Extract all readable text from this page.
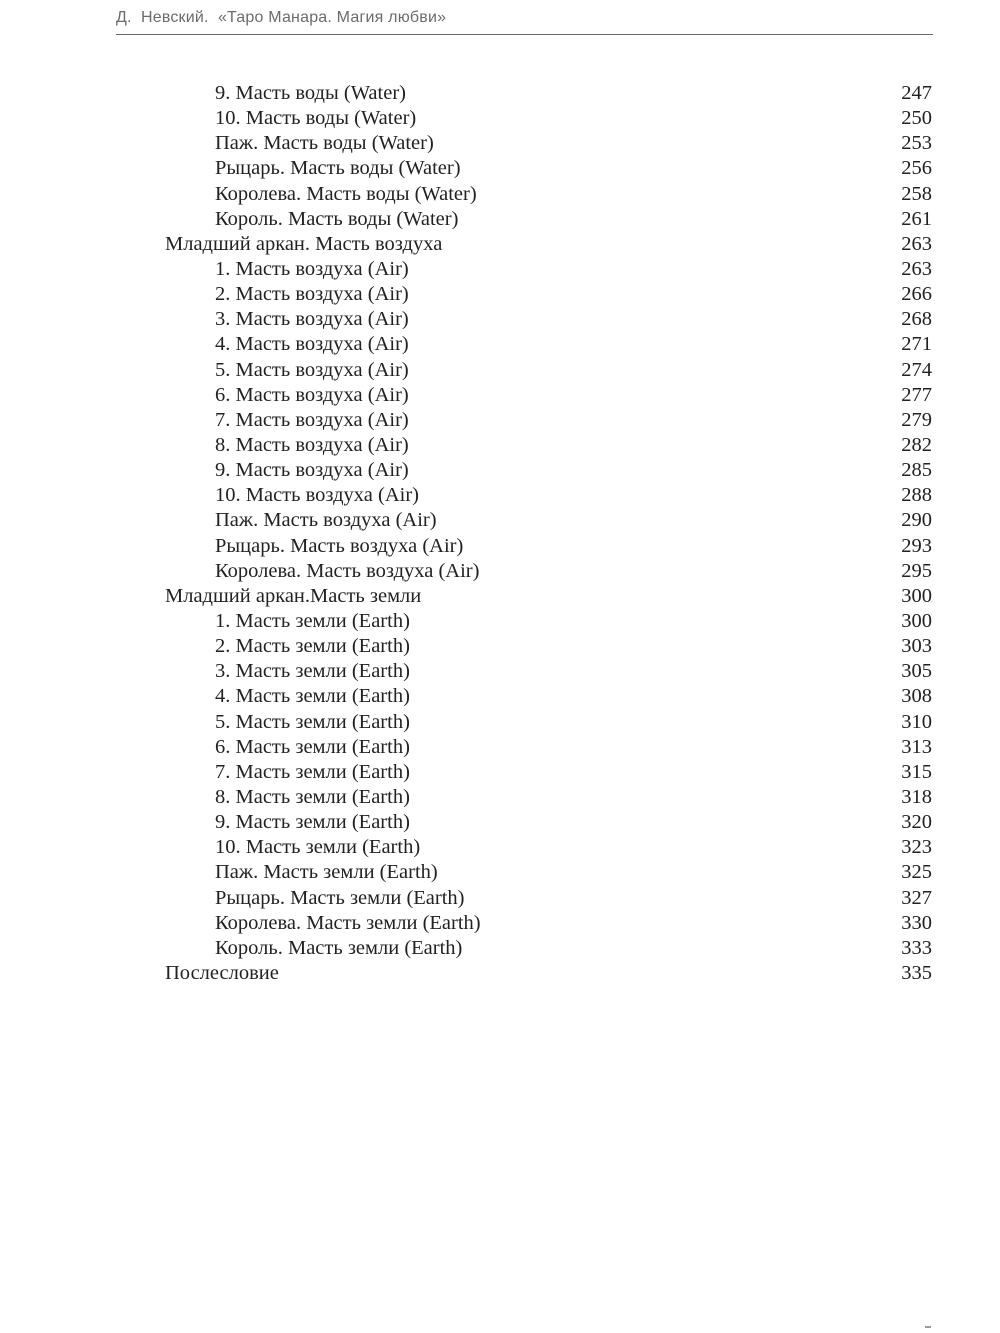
Д.  Невский.  «Таро Манара. Магия любви»
9. Масть воды (Water)	247
10. Масть воды (Water)	250
Паж. Масть воды (Water)	253
Рыцарь. Масть воды (Water)	256
Королева. Масть воды (Water)	258
Король. Масть воды (Water)	261
Младший аркан. Масть воздуха	263
1. Масть воздуха (Air)	263
2. Масть воздуха (Air)	266
3. Масть воздуха (Air)	268
4. Масть воздуха (Air)	271
5. Масть воздуха (Air)	274
6. Масть воздуха (Air)	277
7. Масть воздуха (Air)	279
8. Масть воздуха (Air)	282
9. Масть воздуха (Air)	285
10. Масть воздуха (Air)	288
Паж. Масть воздуха (Air)	290
Рыцарь. Масть воздуха (Air)	293
Королева. Масть воздуха (Air)	295
Младший аркан.Масть земли	300
1. Масть земли (Earth)	300
2. Масть земли (Earth)	303
3. Масть земли (Earth)	305
4. Масть земли (Earth)	308
5. Масть земли (Earth)	310
6. Масть земли (Earth)	313
7. Масть земли (Earth)	315
8. Масть земли (Earth)	318
9. Масть земли (Earth)	320
10. Масть земли (Earth)	323
Паж. Масть земли (Earth)	325
Рыцарь. Масть земли (Earth)	327
Королева. Масть земли (Earth)	330
Король. Масть земли (Earth)	333
Послесловие	335
